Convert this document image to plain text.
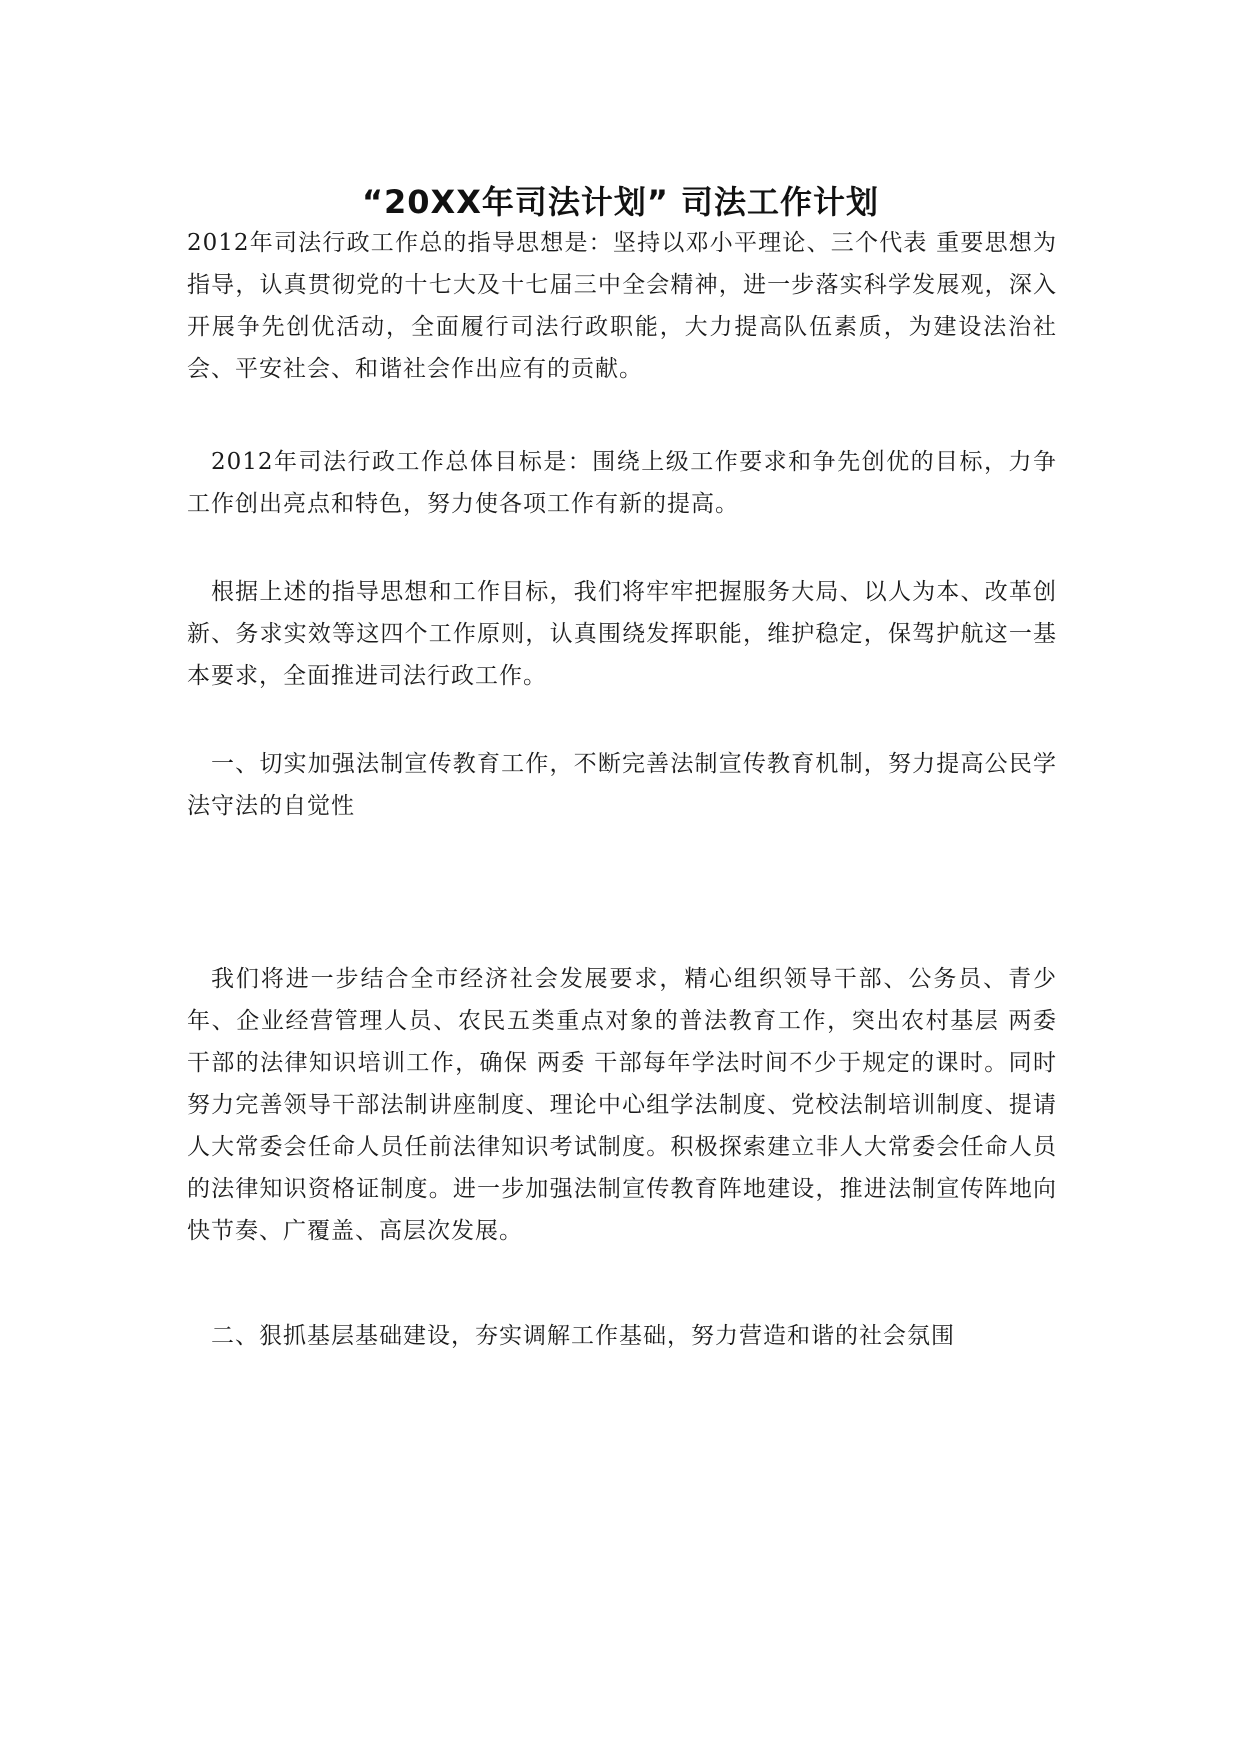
“20XX年司法计划” 司法工作计划

2012年司法行政工作总的指导思想是：坚持以邓小平理论、三个代表 重要思想为指导，认真贯彻党的十七大及十七届三中全会精神，进一步落实科学发展观，深入开展争先创优活动，全面履行司法行政职能，大力提高队伍素质，为建设法治社会、平安社会、和谐社会作出应有的贡献。

2012年司法行政工作总体目标是：围绕上级工作要求和争先创优的目标，力争工作创出亮点和特色，努力使各项工作有新的提高。

根据上述的指导思想和工作目标，我们将牢牢把握服务大局、以人为本、改革创新、务求实效等这四个工作原则，认真围绕发挥职能，维护稳定，保驾护航这一基本要求，全面推进司法行政工作。

一、切实加强法制宣传教育工作，不断完善法制宣传教育机制，努力提高公民学法守法的自觉性

我们将进一步结合全市经济社会发展要求，精心组织领导干部、公务员、青少年、企业经营管理人员、农民五类重点对象的普法教育工作，突出农村基层 两委 干部的法律知识培训工作，确保 两委 干部每年学法时间不少于规定的课时。同时努力完善领导干部法制讲座制度、理论中心组学法制度、党校法制培训制度、提请人大常委会任命人员任前法律知识考试制度。积极探索建立非人大常委会任命人员的法律知识资格证制度。进一步加强法制宣传教育阵地建设，推进法制宣传阵地向快节奏、广覆盖、高层次发展。

二、狠抓基层基础建设，夯实调解工作基础，努力营造和谐的社会氛围
